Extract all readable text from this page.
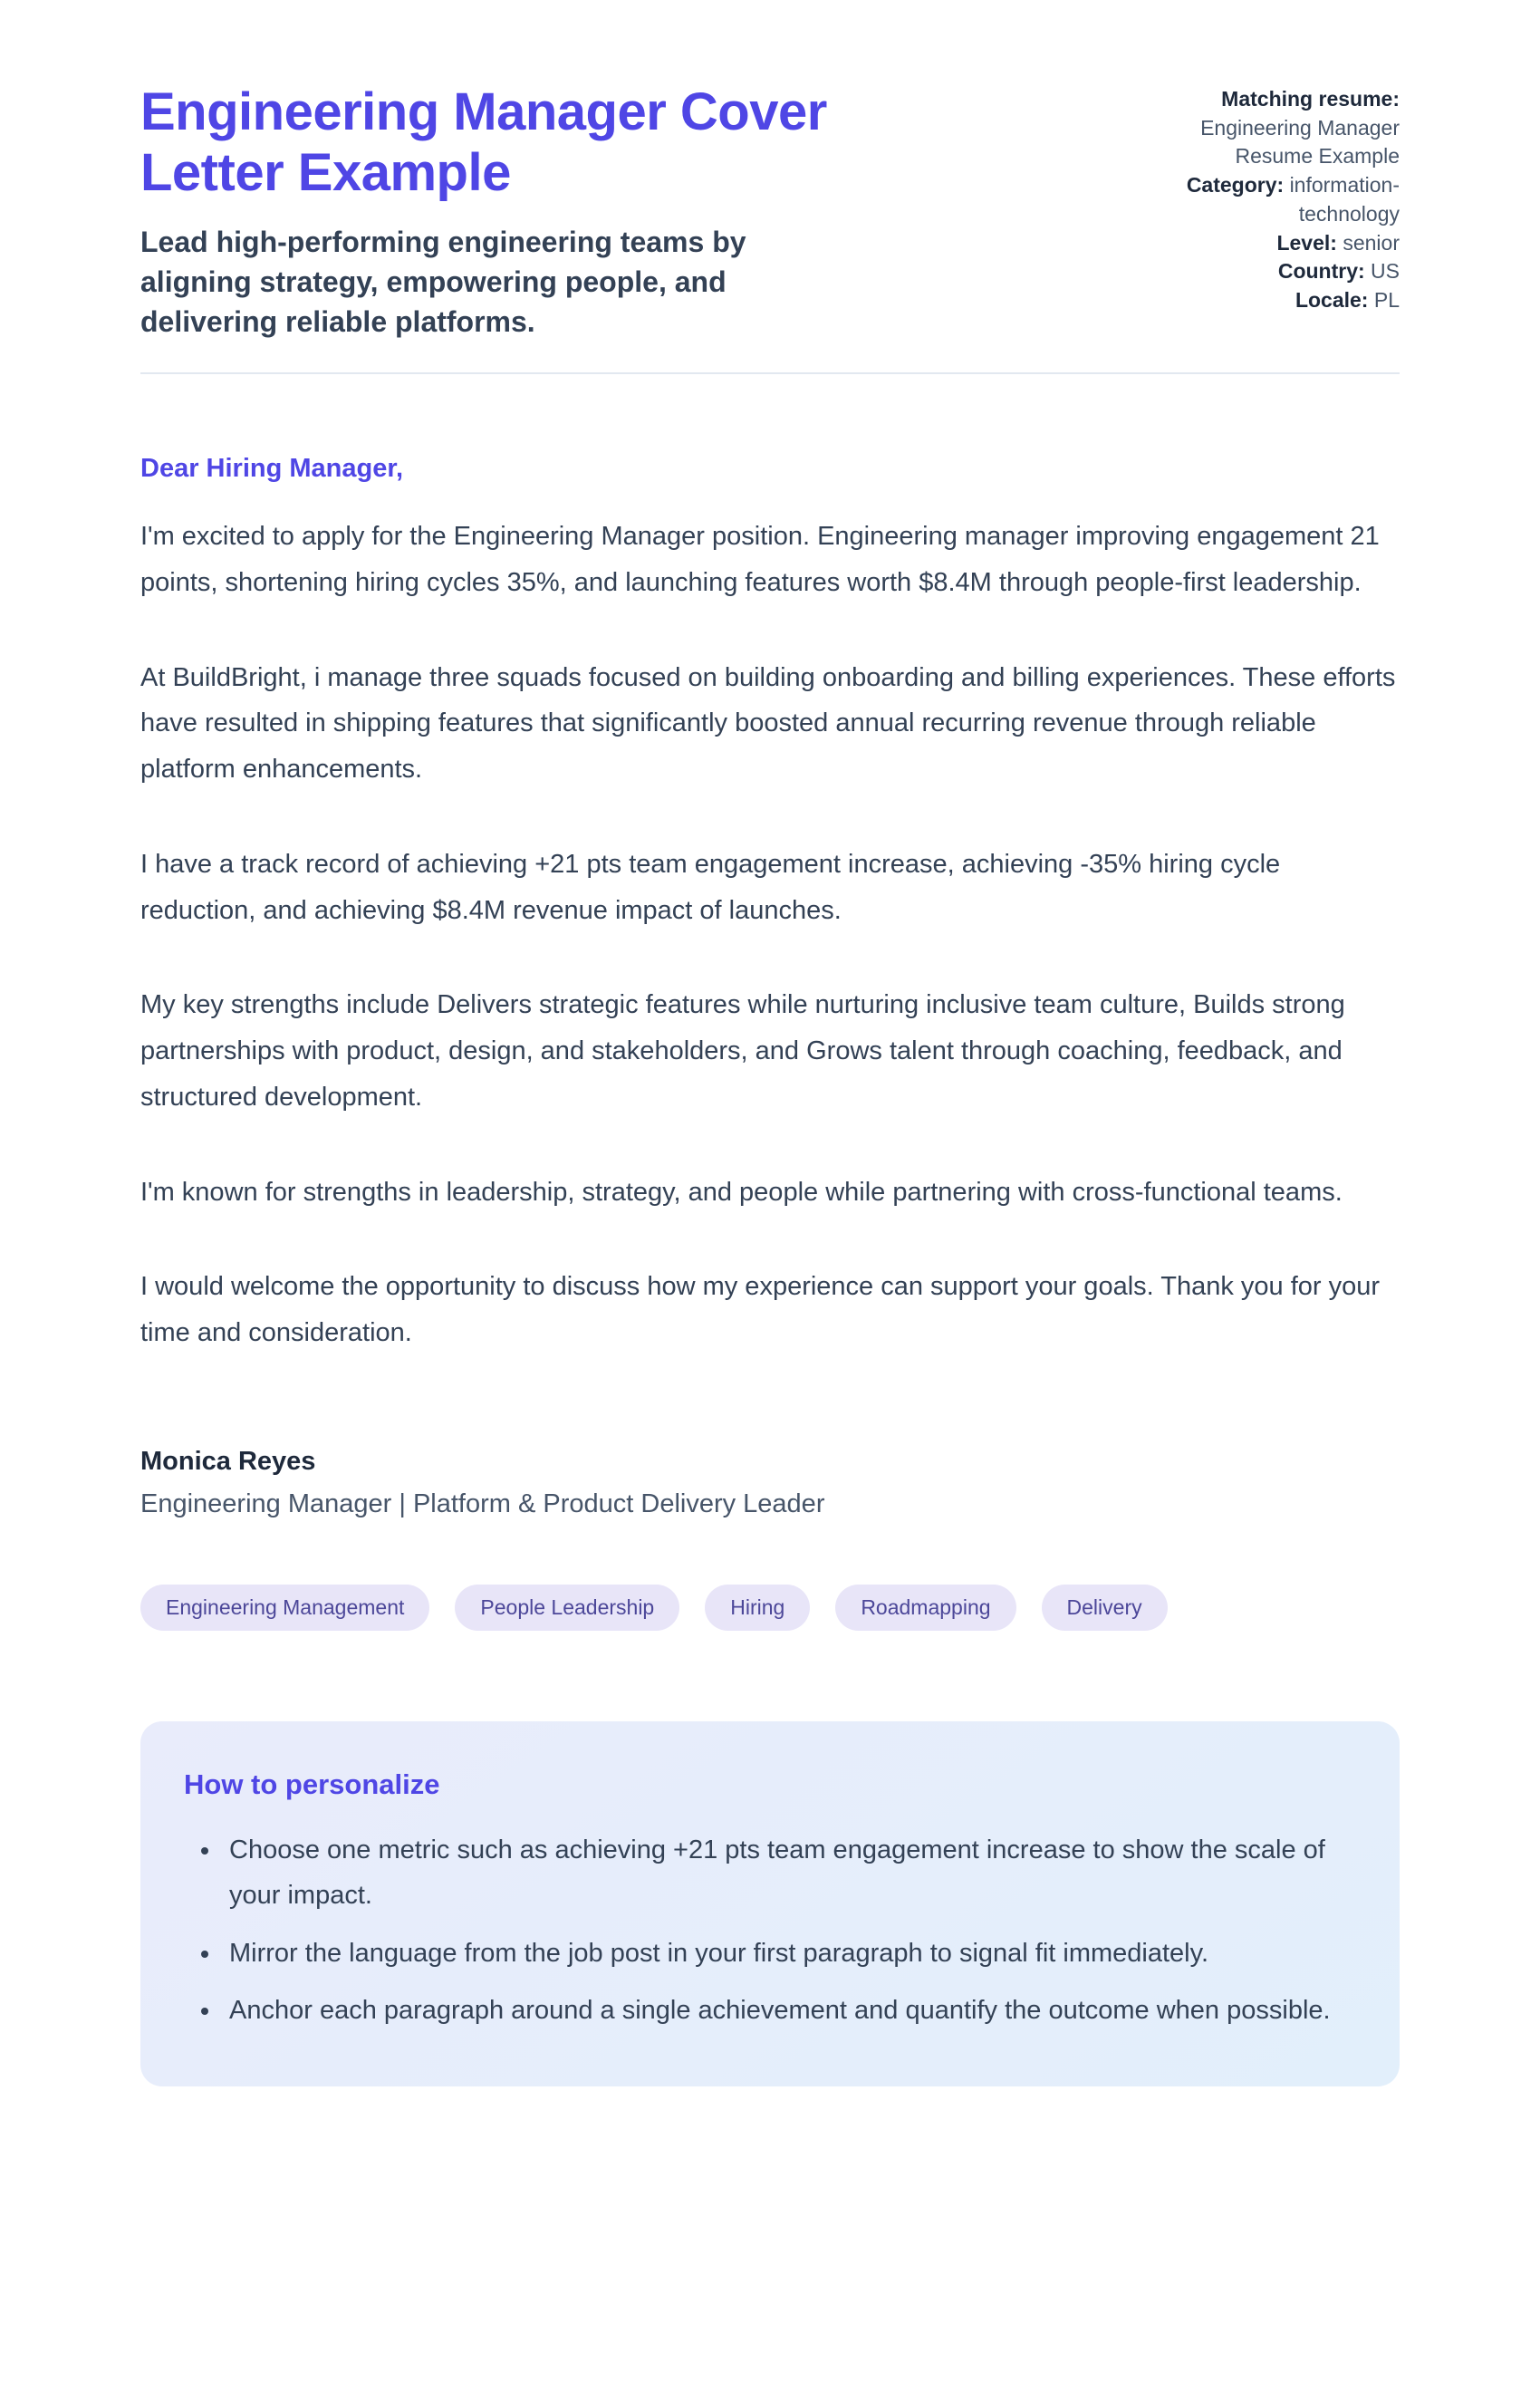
Engineering Manager Cover Letter Example

Lead high-performing engineering teams by aligning strategy, empowering people, and delivering reliable platforms.

Matching resume:
Engineering Manager Resume Example
Category: information-technology
Level: senior
Country: US
Locale: PL

Dear Hiring Manager,

I'm excited to apply for the Engineering Manager position. Engineering manager improving engagement 21 points, shortening hiring cycles 35%, and launching features worth $8.4M through people-first leadership.

At BuildBright, i manage three squads focused on building onboarding and billing experiences. These efforts have resulted in shipping features that significantly boosted annual recurring revenue through reliable platform enhancements.

I have a track record of achieving +21 pts team engagement increase, achieving -35% hiring cycle reduction, and achieving $8.4M revenue impact of launches.

My key strengths include Delivers strategic features while nurturing inclusive team culture, Builds strong partnerships with product, design, and stakeholders, and Grows talent through coaching, feedback, and structured development.

I'm known for strengths in leadership, strategy, and people while partnering with cross-functional teams.

I would welcome the opportunity to discuss how my experience can support your goals. Thank you for your time and consideration.

Monica Reyes

Engineering Manager | Platform & Product Delivery Leader

Engineering Management	People Leadership	Hiring	Roadmapping	Delivery
How to personalize
• Choose one metric such as achieving +21 pts team engagement increase to show the scale of your impact.
• Mirror the language from the job post in your first paragraph to signal fit immediately.
• Anchor each paragraph around a single achievement and quantify the outcome when possible.
